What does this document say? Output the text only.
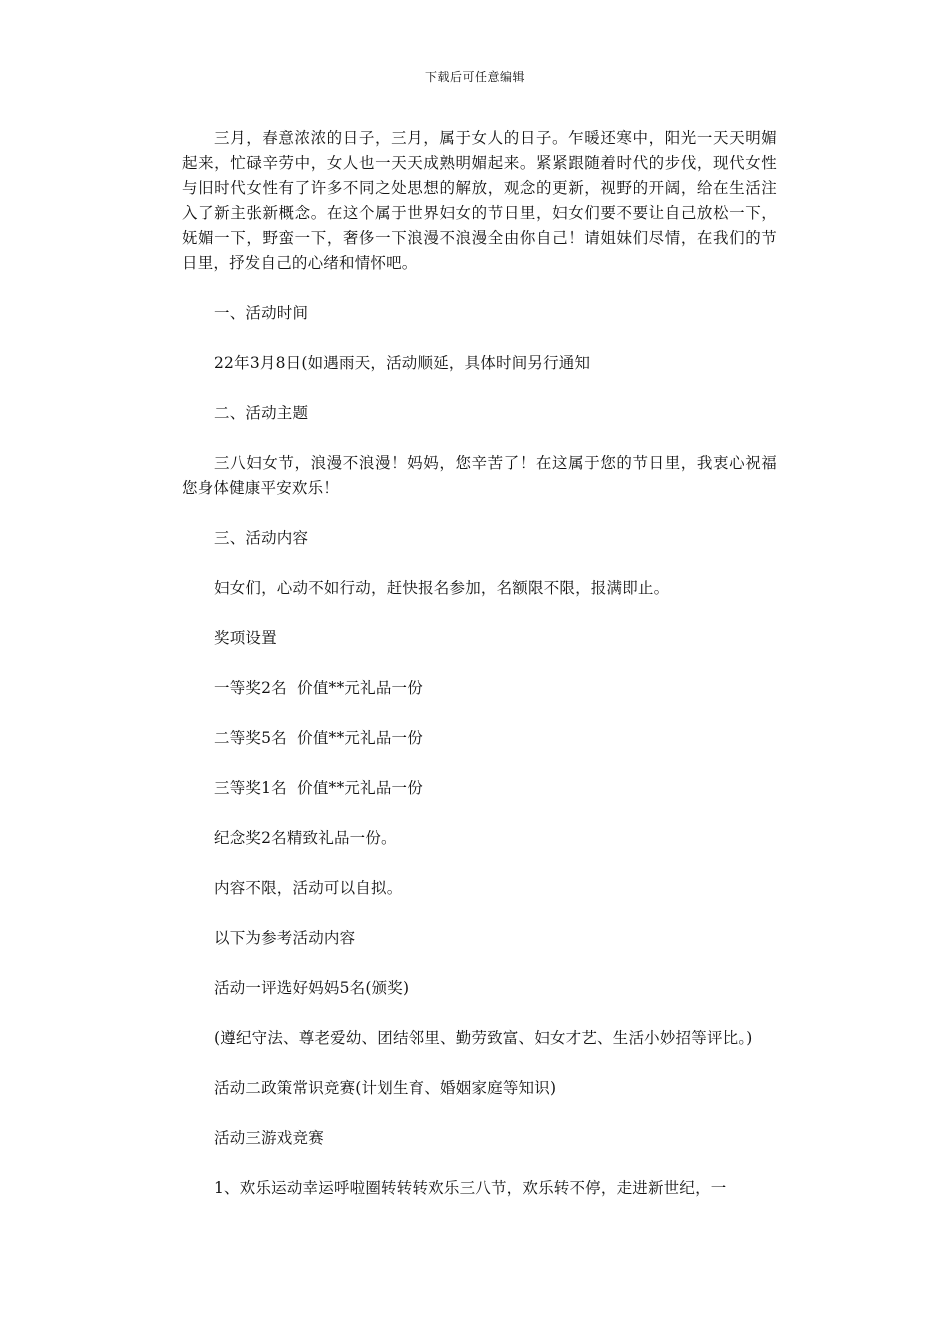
下载后可任意编辑

三月，春意浓浓的日子，三月，属于女人的日子。乍暖还寒中，阳光一天天明媚起来，忙碌辛劳中，女人也一天天成熟明媚起来。紧紧跟随着时代的步伐，现代女性与旧时代女性有了许多不同之处思想的解放，观念的更新，视野的开阔，给在生活注入了新主张新概念。在这个属于世界妇女的节日里，妇女们要不要让自己放松一下，妩媚一下，野蛮一下，奢侈一下浪漫不浪漫全由你自己！请姐妹们尽情，在我们的节日里，抒发自己的心绪和情怀吧。

一、活动时间

22年3月8日(如遇雨天，活动顺延，具体时间另行通知

二、活动主题

三八妇女节，浪漫不浪漫！妈妈，您辛苦了！在这属于您的节日里，我衷心祝福您身体健康平安欢乐！

三、活动内容

妇女们，心动不如行动，赶快报名参加，名额限不限，报满即止。

奖项设置

一等奖2名  价值**元礼品一份

二等奖5名  价值**元礼品一份

三等奖1名  价值**元礼品一份

纪念奖2名精致礼品一份。

内容不限，活动可以自拟。

以下为参考活动内容

活动一评选好妈妈5名(颁奖)

(遵纪守法、尊老爱幼、团结邻里、勤劳致富、妇女才艺、生活小妙招等评比。)

活动二政策常识竞赛(计划生育、婚姻家庭等知识)

活动三游戏竞赛

1、欢乐运动幸运呼啦圈转转转欢乐三八节，欢乐转不停，走进新世纪，一
